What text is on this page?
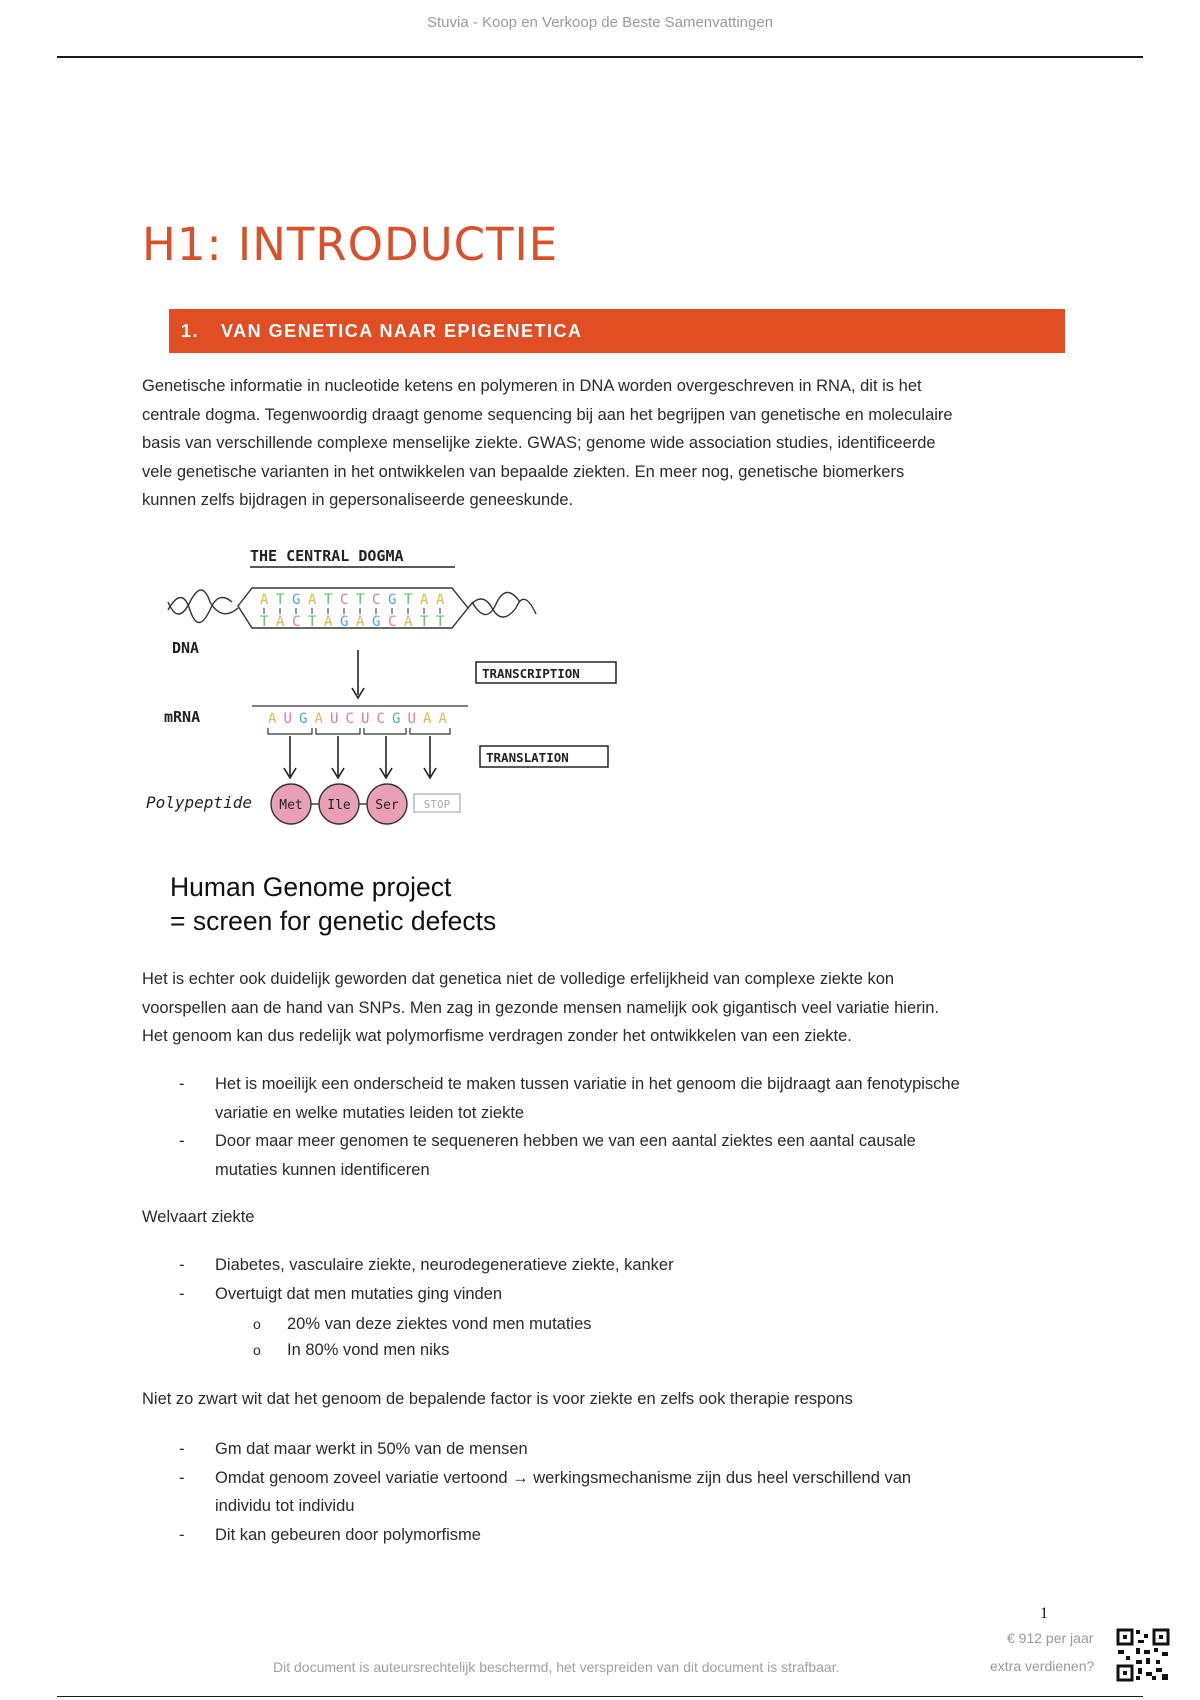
Stuvia - Koop en Verkoop de Beste Samenvattingen
H1: INTRODUCTIE
1. VAN GENETICA NAAR EPIGENETICA
Genetische informatie in nucleotide ketens en polymeren in DNA worden overgeschreven in RNA, dit is het
centrale dogma. Tegenwoordig draagt genome sequencing bij aan het begrijpen van genetische en moleculaire
basis van verschillende complexe menselijke ziekte. GWAS; genome wide association studies, identificeerde
vele genetische varianten in het ontwikkelen van bepaalde ziekten. En meer nog, genetische biomerkers
kunnen zelfs bijdragen in gepersonaliseerde geneeskunde.
THE CENTRAL DOGMA
A T G A T C T C G T A A
T A C T A G A G C A T T
DNA
TRANSCRIPTION
mRNA	A U G A U C U C G U A A
TRANSLATION
Polypeptide Met Ile Ser STOP
Human Genome project
= screen for genetic defects
Het is echter ook duidelijk geworden dat genetica niet de volledige erfelijkheid van complexe ziekte kon
voorspellen aan de hand van SNPs. Men zag in gezonde mensen namelijk ook gigantisch veel variatie hierin.
Het genoom kan dus redelijk wat polymorfisme verdragen zonder het ontwikkelen van een ziekte.
- Het is moeilijk een onderscheid te maken tussen variatie in het genoom die bijdraagt aan fenotypische
variatie en welke mutaties leiden tot ziekte
- Door maar meer genomen te sequeneren hebben we van een aantal ziektes een aantal causale
mutaties kunnen identificeren
Welvaart ziekte
- Diabetes, vasculaire ziekte, neurodegeneratieve ziekte, kanker
- Overtuigt dat men mutaties ging vinden
o 20% van deze ziektes vond men mutaties
o In 80% vond men niks
Niet zo zwart wit dat het genoom de bepalende factor is voor ziekte en zelfs ook therapie respons
- Gm dat maar werkt in 50% van de mensen
- Omdat genoom zoveel variatie vertoond → werkingsmechanisme zijn dus heel verschillend van
individu tot individu
- Dit kan gebeuren door polymorfisme
1
€ 912 per jaar
extra verdienen?
Dit document is auteursrechtelijk beschermd, het verspreiden van dit document is strafbaar.
